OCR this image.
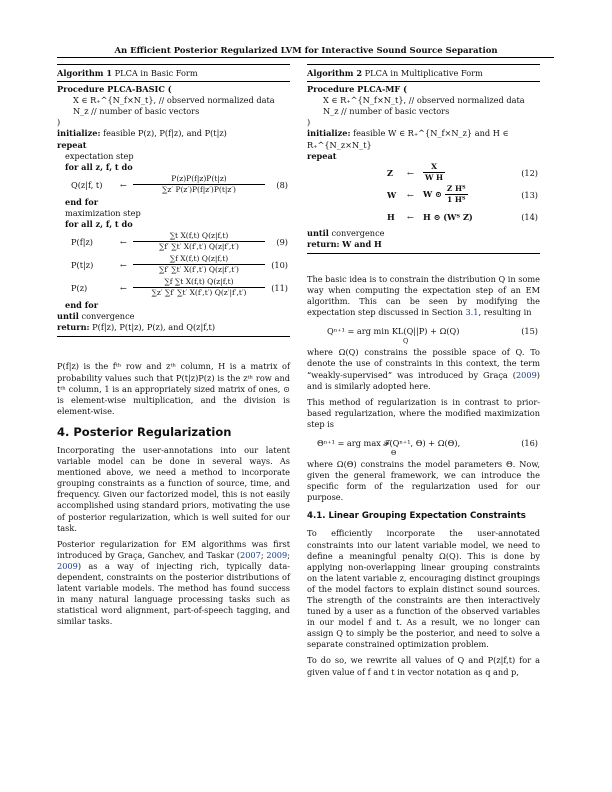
An Efficient Posterior Regularized LVM for Interactive Sound Source Separation
Algorithm 1 PLCA in Basic Form
Procedure PLCA-BASIC (
X ∈ R₊^{N_f×N_t}, // observed normalized data
N_z // number of basic vectors
)
initialize: feasible P(z), P(f|z), and P(t|z)
repeat
expectation step
for all z, f, t do
Q(z|f, t) ←
P(z)P(f|z)P(t|z)
∑z′ P(z′)P(f|z′)P(t|z′)	(8)
end for
maximization step
for all z, f, t do
P(f|z)	←
∑t X(f,t) Q(z|f,t)
∑f′ ∑t′ X(f′,t′) Q(z|f′,t′)	(9)
P(t|z)	←
∑f X(f,t) Q(z|f,t)
∑f′ ∑t′ X(f′,t′) Q(z|f′,t′)	(10)
P(z)	←
∑f ∑t X(f,t) Q(z|f,t)
∑z′ ∑f′ ∑t′ X(f′,t′) Q(z′|f′,t′)	(11)
end for
until convergence
return: P(f|z), P(t|z), P(z), and Q(z|f,t)

P(f|z) is the fᵗʰ row and zᵗʰ column, H is a matrix of probability values such that P(t|z)P(z) is the zᵗʰ row and tᵗʰ column, 1 is an appropriately sized matrix of ones, ⊙ is element-wise multiplication, and the division is element-wise.

4. Posterior Regularization

Incorporating the user-annotations into our latent variable model can be done in several ways. As mentioned above, we need a method to incorporate grouping constraints as a function of source, time, and frequency. Given our factorized model, this is not easily accomplished using standard priors, motivating the use of posterior regularization, which is well suited for our task.

Posterior regularization for EM algorithms was first introduced by Graça, Ganchev, and Taskar (2007; 2009; 2009) as a way of injecting rich, typically data-dependent, constraints on the posterior distributions of latent variable models. The method has found success in many natural language processing tasks such as statistical word alignment, part-of-speech tagging, and similar tasks.

Algorithm 2 PLCA in Multiplicative Form
Procedure PLCA-MF (
X ∈ R₊^{N_f×N_t}, // observed normalized data
N_z // number of basic vectors
)
initialize: feasible W ∈ R₊^{N_f×N_z} and H ∈ R₊^{N_z×N_t}
repeat
Z ←
X
W H	(12)
W ← W ⊙
Z Hᵀ
1 Hᵀ	(13)
H ← H ⊙ (Wᵀ Z)	(14)
until convergence
return: W and H

The basic idea is to constrain the distribution Q in some way when computing the expectation step of an EM algorithm. This can be seen by modifying the expectation step discussed in Section 3.1, resulting in

Qⁿ⁺¹ = arg min KL(Q||P) + Ω(Q)
Q
(15)

where Ω(Q) constrains the possible space of Q. To denote the use of constraints in this context, the term “weakly-supervised” was introduced by Graça (2009) and is similarly adopted here.

This method of regularization is in contrast to prior-based regularization, where the modified maximization step is

Θⁿ⁺¹ = arg max 𝓕(Qⁿ⁺¹, Θ) + Ω(Θ),
Θ
(16)

where Ω(Θ) constrains the model parameters Θ. Now, given the general framework, we can introduce the specific form of the regularization used for our purpose.

4.1. Linear Grouping Expectation Constraints

To efficiently incorporate the user-annotated constraints into our latent variable model, we need to define a meaningful penalty Ω(Q). This is done by applying non-overlapping linear grouping constraints on the latent variable z, encouraging distinct groupings of the model factors to explain distinct sound sources. The strength of the constraints are then interactively tuned by a user as a function of the observed variables in our model f and t. As a result, we no longer can assign Q to simply be the posterior, and need to solve a separate constrained optimization problem.

To do so, we rewrite all values of Q and P(z|f,t) for a given value of f and t in vector notation as q and p,
